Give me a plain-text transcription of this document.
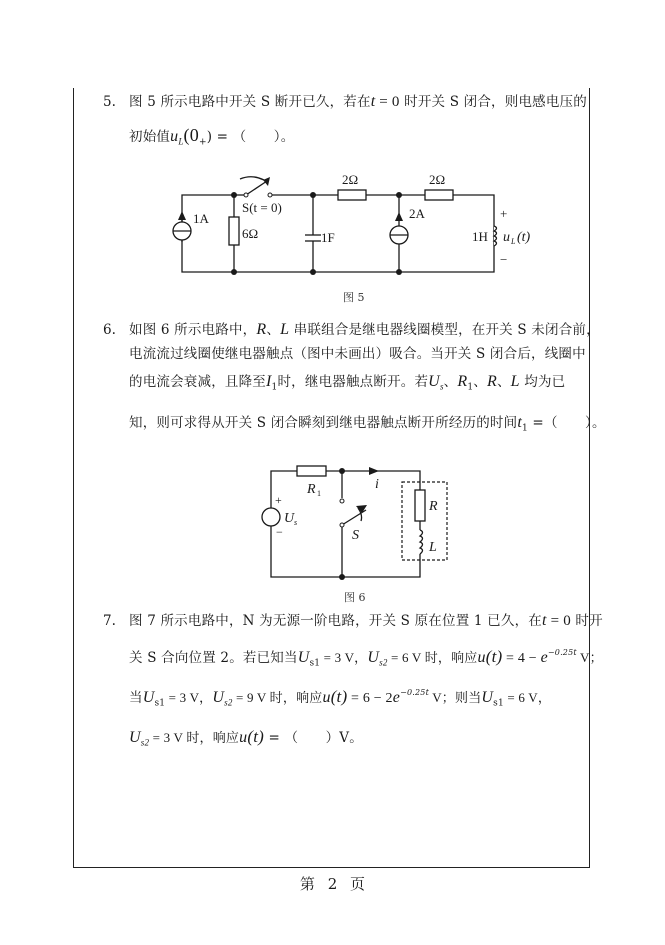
5. 图 5 所示电路中开关 S 断开已久，若在t = 0 时开关 S 闭合，则电感电压的
初始值$u_L(0_+)$ = （　　）。
1A
6Ω
S(t = 0)
1F
2Ω
2A
2Ω
1H
+
−
u L (t)
图 5
6. 如图 6 所示电路中，R、L 串联组合是继电器线圈模型，在开关 S 未闭合前，
电流流过线圈使继电器触点（图中未画出）吸合。当开关 S 闭合后，线圈中
的电流会衰减，且降至$I_1$时，继电器触点断开。若$U_s$、$R_1$、R、L 均为已
知，则可求得从开关 S 闭合瞬刻到继电器触点断开所经历的时间$t_1$ =（　　）。
R 1
i
+
−
U s
S
R
L
图 6
7. 图 7 所示电路中，N 为无源一阶电路，开关 S 原在位置 1 已久，在t = 0 时开
关 S 合向位置 2。若已知当$U_{s1} = 3$ V，$U_{s2} = 6$ V 时，响应$u(t) = 4 - e^{-0.25t}$ V；
当$U_{s1} = 3$ V，$U_{s2} = 9$ V 时，响应$u(t) = 6 - 2e^{-0.25t}$ V；则当$U_{s1} = 6$ V，
$U_{s2} = 3$ V 时，响应u(t) = （　　）V。
第 2 页
